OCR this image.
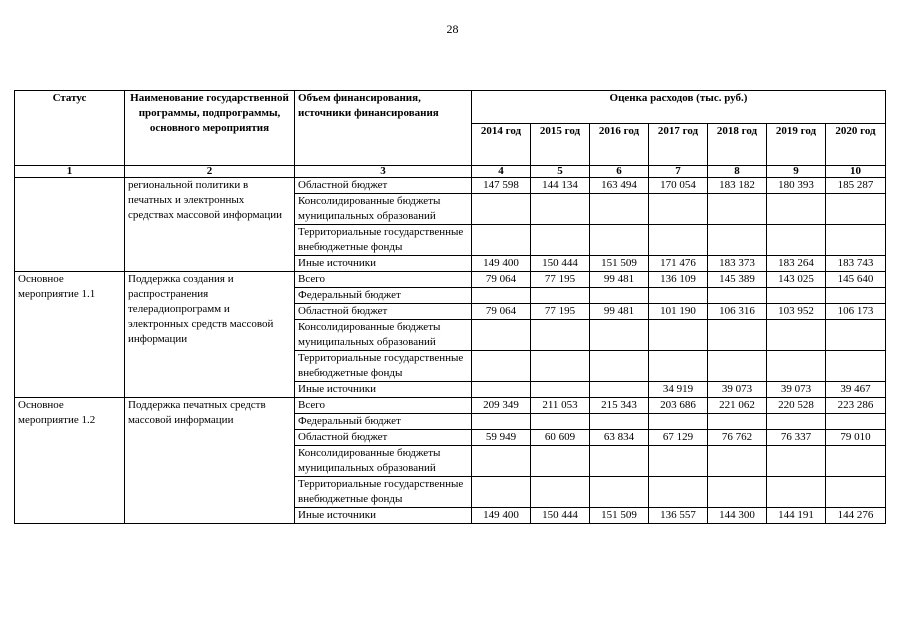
28
Статус	Наименование государственной программы, подпрограммы, основного мероприятия	Объем финансирования, источники финансирования	Оценка расходов (тыс. руб.)						
			2014 год	2015 год	2016 год	2017 год	2018 год	2019 год	2020 год
1	2	3	4	5	6	7	8	9	10
	региональной политики в печатных и электронных средствах массовой информации	Областной бюджет	147 598	144 134	163 494	170 054	183 182	180 393	185 287
		Консолидированные бюджеты муниципальных образований							
		Территориальные государственные внебюджетные фонды							
		Иные источники	149 400	150 444	151 509	171 476	183 373	183 264	183 743
Основное мероприятие 1.1	Поддержка создания и распространения телерадиопрограмм и электронных средств массовой информации	Всего	79 064	77 195	99 481	136 109	145 389	143 025	145 640
		Федеральный бюджет							
		Областной бюджет	79 064	77 195	99 481	101 190	106 316	103 952	106 173
		Консолидированные бюджеты муниципальных образований							
		Территориальные государственные внебюджетные фонды							
		Иные источники				34 919	39 073	39 073	39 467
Основное мероприятие 1.2	Поддержка печатных средств массовой информации	Всего	209 349	211 053	215 343	203 686	221 062	220 528	223 286
		Федеральный бюджет							
		Областной бюджет	59 949	60 609	63 834	67 129	76 762	76 337	79 010
		Консолидированные бюджеты муниципальных образований							
		Территориальные государственные внебюджетные фонды							
		Иные источники	149 400	150 444	151 509	136 557	144 300	144 191	144 276
